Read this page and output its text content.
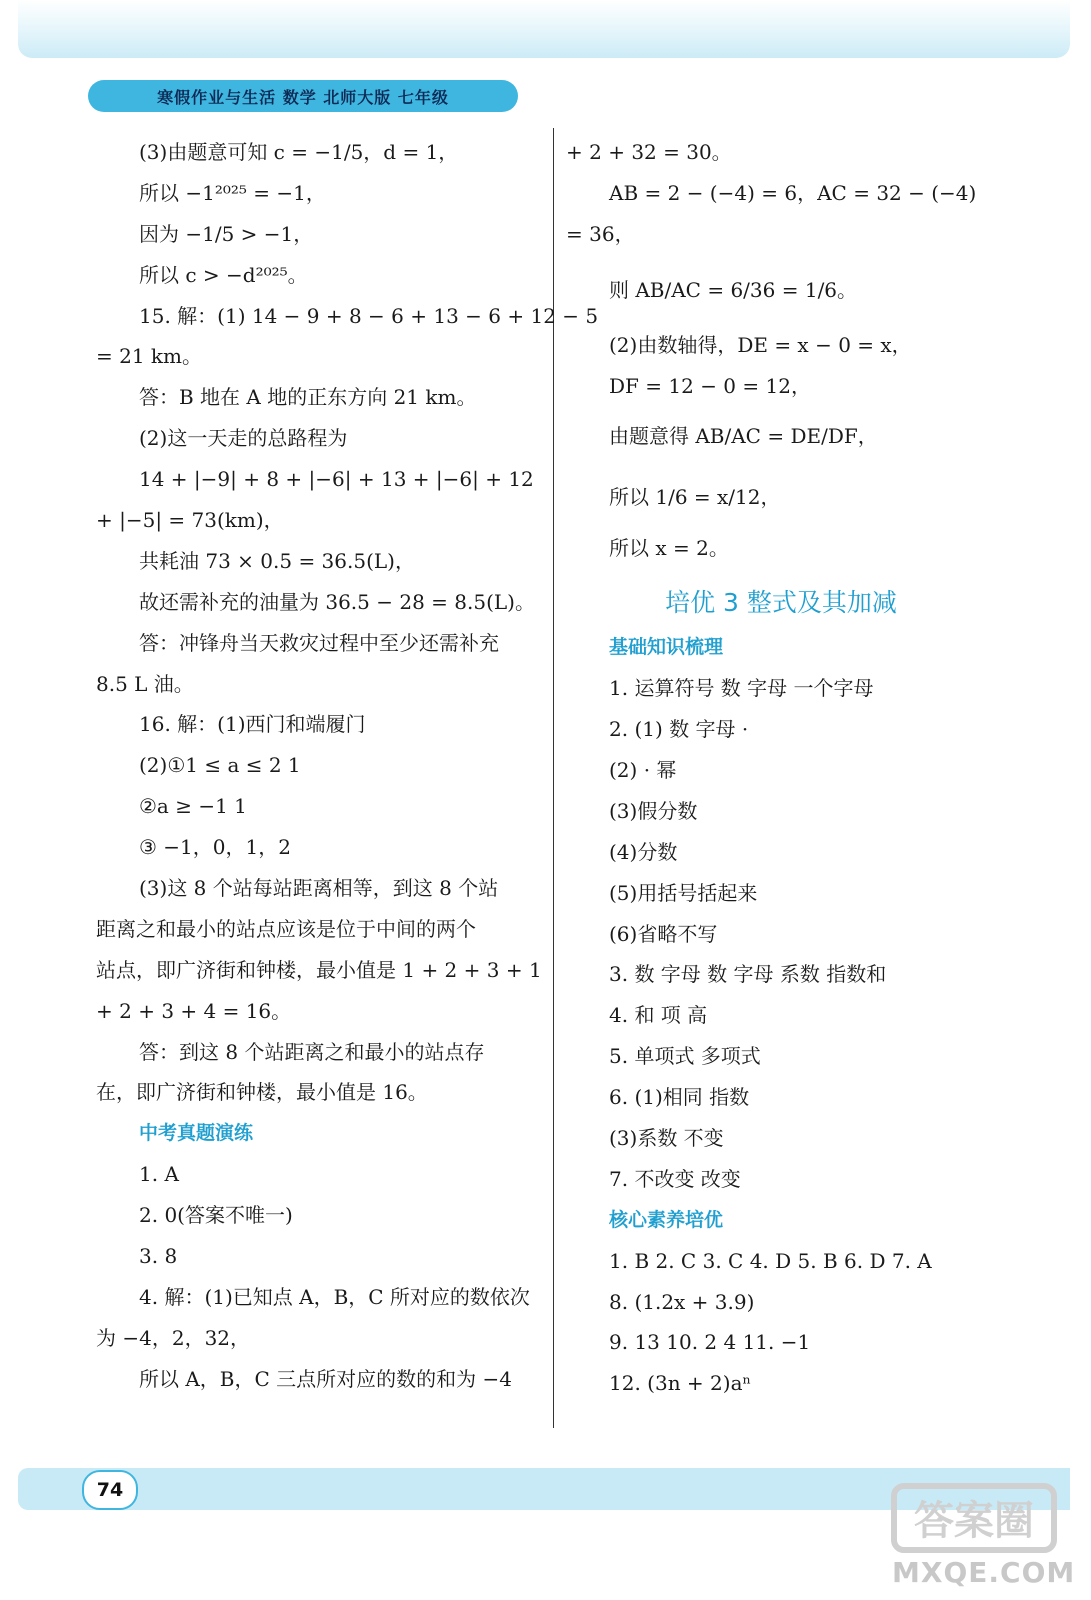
寒假作业与生活 数学 北师大版 七年级
(3)由题意可知 c = −1/5，d = 1，
所以 −1²⁰²⁵ = −1，
因为 −1/5 > −1，
所以 c > −d²⁰²⁵。
15. 解：(1) 14 − 9 + 8 − 6 + 13 − 6 + 12 − 5
= 21 km。
答：B 地在 A 地的正东方向 21 km。
(2)这一天走的总路程为
14 + |−9| + 8 + |−6| + 13 + |−6| + 12
+ |−5| = 73(km)，
共耗油 73 × 0.5 = 36.5(L)，
故还需补充的油量为 36.5 − 28 = 8.5(L)。
答：冲锋舟当天救灾过程中至少还需补充
8.5 L 油。
16. 解：(1)西门和端履门
(2)①1 ≤ a ≤ 2 1
②a ≥ −1 1
③ −1，0，1，2
(3)这 8 个站每站距离相等，到这 8 个站
距离之和最小的站点应该是位于中间的两个
站点，即广济街和钟楼，最小值是 1 + 2 + 3 + 1
+ 2 + 3 + 4 = 16。
答：到这 8 个站距离之和最小的站点存
在，即广济街和钟楼，最小值是 16。
中考真题演练
1. A
2. 0(答案不唯一)
3. 8
4. 解：(1)已知点 A，B，C 所对应的数依次
为 −4，2，32，
所以 A，B，C 三点所对应的数的和为 −4
+ 2 + 32 = 30。
AB = 2 − (−4) = 6，AC = 32 − (−4)
= 36，
则 AB/AC = 6/36 = 1/6。
(2)由数轴得，DE = x − 0 = x，
DF = 12 − 0 = 12，
由题意得 AB/AC = DE/DF，
所以 1/6 = x/12，
所以 x = 2。
培优 3 整式及其加减
基础知识梳理
1. 运算符号 数 字母 一个字母
2. (1) 数 字母 ·
(2) · 幂
(3)假分数
(4)分数
(5)用括号括起来
(6)省略不写
3. 数 字母 数 字母 系数 指数和
4. 和 项 高
5. 单项式 多项式
6. (1)相同 指数
(3)系数 不变
7. 不改变 改变
核心素养培优
1. B 2. C 3. C 4. D 5. B 6. D 7. A
8. (1.2x + 3.9)
9. 13 10. 2 4 11. −1
12. (3n + 2)aⁿ
74
答案圈
MXQE.COM
